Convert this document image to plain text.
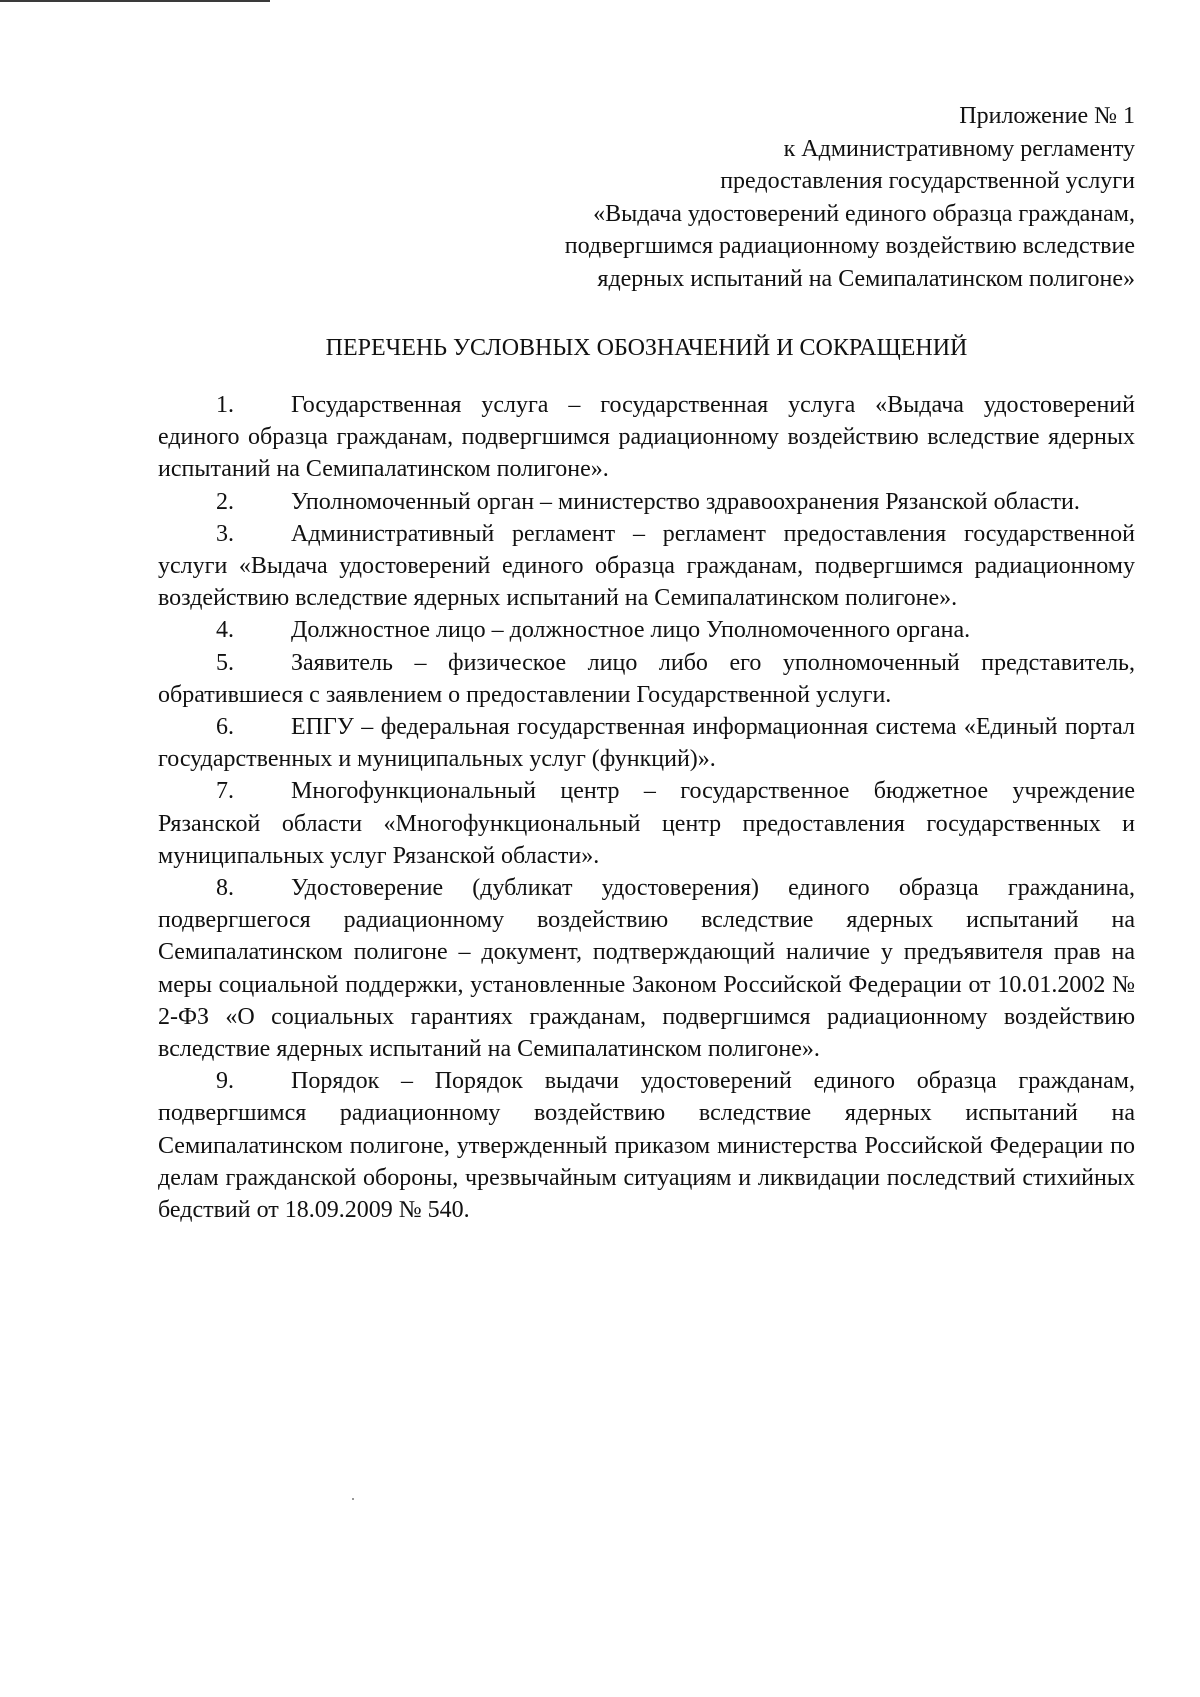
Приложение № 1
к Административному регламенту
предоставления государственной услуги
«Выдача удостоверений единого образца гражданам,
подвергшимся радиационному воздействию вследствие
ядерных испытаний на Семипалатинском полигоне»
ПЕРЕЧЕНЬ УСЛОВНЫХ ОБОЗНАЧЕНИЙ И СОКРАЩЕНИЙ

1. Государственная услуга – государственная услуга «Выдача удостоверений единого образца гражданам, подвергшимся радиационному воздействию вследствие ядерных испытаний на Семипалатинском полигоне».

2. Уполномоченный орган – министерство здравоохранения Рязанской области.

3. Административный регламент – регламент предоставления государственной услуги «Выдача удостоверений единого образца гражданам, подвергшимся радиационному воздействию вследствие ядерных испытаний на Семипалатинском полигоне».

4. Должностное лицо – должностное лицо Уполномоченного органа.

5. Заявитель – физическое лицо либо его уполномоченный представитель, обратившиеся с заявлением о предоставлении Государственной услуги.

6. ЕПГУ – федеральная государственная информационная система «Единый портал государственных и муниципальных услуг (функций)».

7. Многофункциональный центр – государственное бюджетное учреждение Рязанской области «Многофункциональный центр предоставления государственных и муниципальных услуг Рязанской области».

8. Удостоверение (дубликат удостоверения) единого образца гражданина, подвергшегося радиационному воздействию вследствие ядерных испытаний на Семипалатинском полигоне – документ, подтверждающий наличие у предъявителя прав на меры социальной поддержки, установленные Законом Российской Федерации от 10.01.2002 № 2-ФЗ «О социальных гарантиях гражданам, подвергшимся радиационному воздействию вследствие ядерных испытаний на Семипалатинском полигоне».

9. Порядок – Порядок выдачи удостоверений единого образца гражданам, подвергшимся радиационному воздействию вследствие ядерных испытаний на Семипалатинском полигоне, утвержденный приказом министерства Российской Федерации по делам гражданской обороны, чрезвычайным ситуациям и ликвидации последствий стихийных бедствий от 18.09.2009 № 540.
